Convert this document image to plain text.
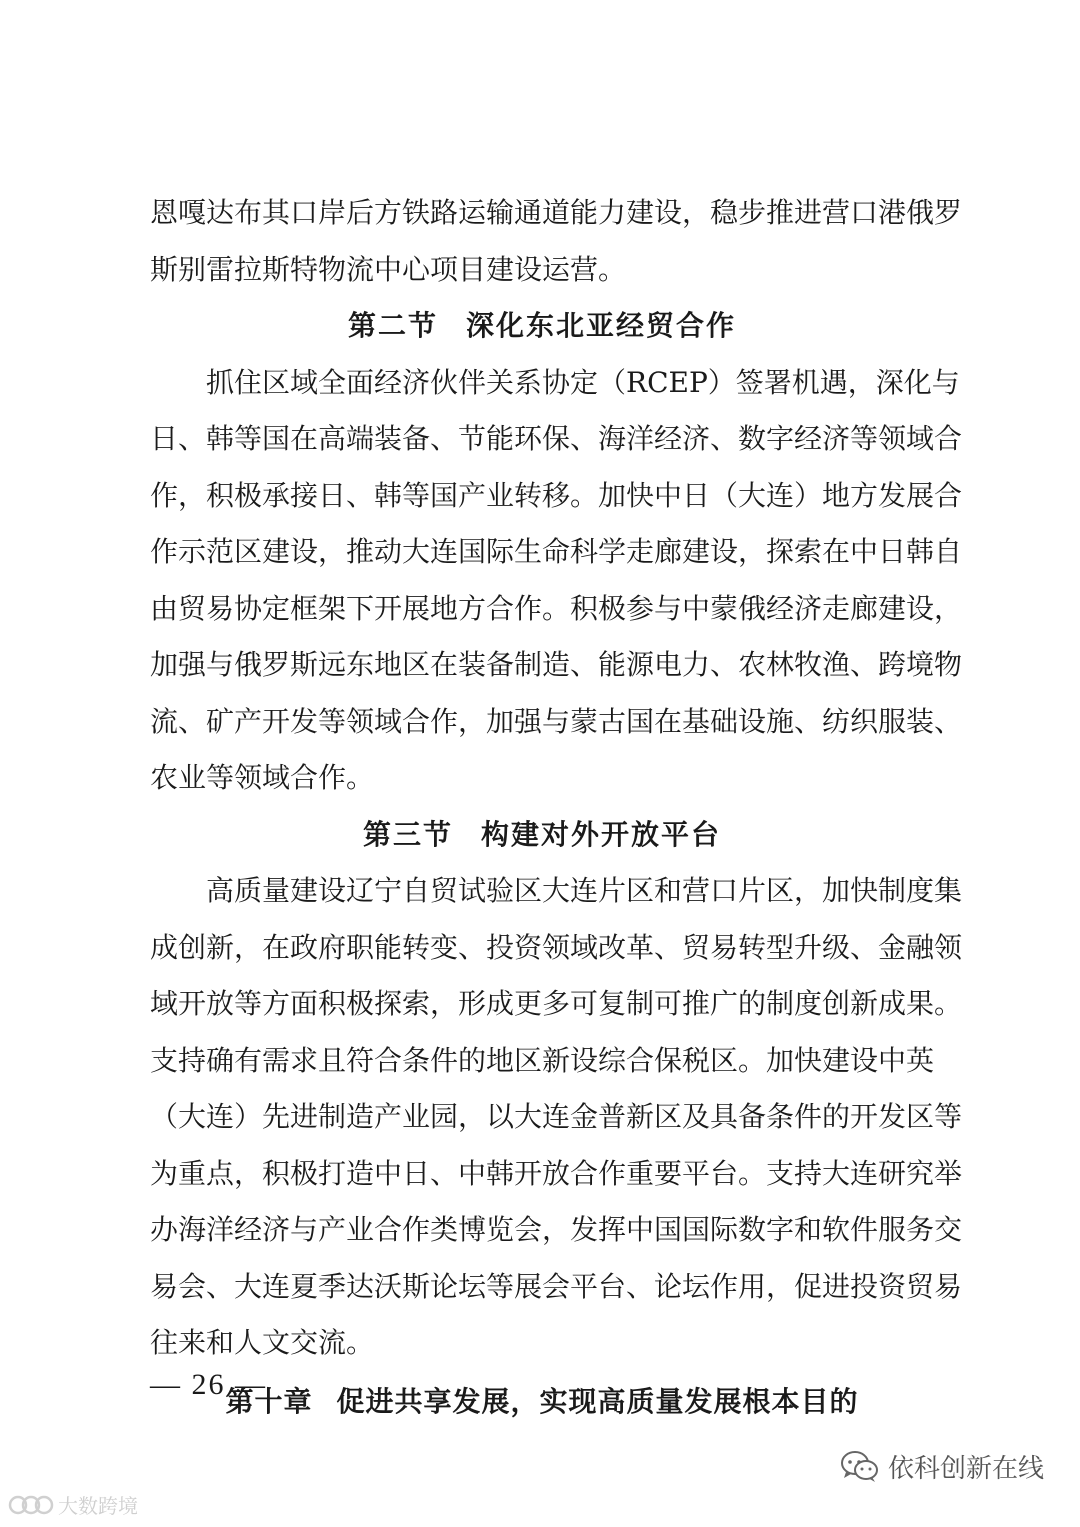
恩嘎达布其口岸后方铁路运输通道能力建设，稳步推进营口港俄罗
斯别雷拉斯特物流中心项目建设运营。
第二节 深化东北亚经贸合作
抓住区域全面经济伙伴关系协定（RCEP）签署机遇，深化与
日、韩等国在高端装备、节能环保、海洋经济、数字经济等领域合
作，积极承接日、韩等国产业转移。加快中日（大连）地方发展合
作示范区建设，推动大连国际生命科学走廊建设，探索在中日韩自
由贸易协定框架下开展地方合作。积极参与中蒙俄经济走廊建设，
加强与俄罗斯远东地区在装备制造、能源电力、农林牧渔、跨境物
流、矿产开发等领域合作，加强与蒙古国在基础设施、纺织服装、
农业等领域合作。
第三节 构建对外开放平台
高质量建设辽宁自贸试验区大连片区和营口片区，加快制度集
成创新，在政府职能转变、投资领域改革、贸易转型升级、金融领
域开放等方面积极探索，形成更多可复制可推广的制度创新成果。
支持确有需求且符合条件的地区新设综合保税区。加快建设中英
（大连）先进制造产业园，以大连金普新区及具备条件的开发区等
为重点，积极打造中日、中韩开放合作重要平台。支持大连研究举
办海洋经济与产业合作类博览会，发挥中国国际数字和软件服务交
易会、大连夏季达沃斯论坛等展会平台、论坛作用，促进投资贸易
往来和人文交流。
第十章 促进共享发展，实现高质量发展根本目的
— 26 —
依科创新在线
大数跨境
